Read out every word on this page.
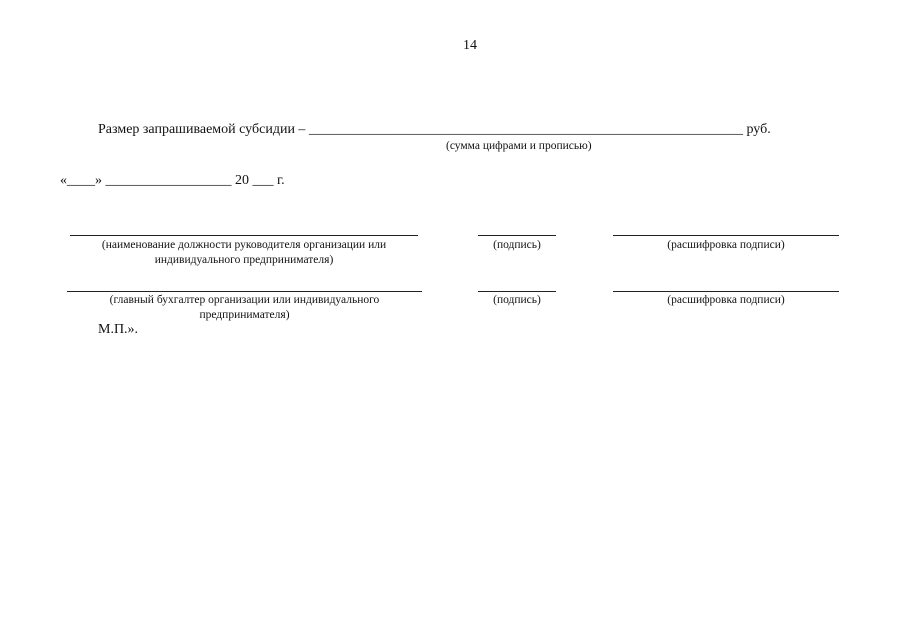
14
Размер запрашиваемой субсидии – ______________________________________________________________ руб.
(сумма цифрами и прописью)
«____» __________________ 20 ___ г.
(наименование должности руководителя организации или
индивидуального предпринимателя)
(подпись)	(расшифровка подписи)
(главный бухгалтер организации или индивидуального
предпринимателя)
(подпись)	(расшифровка подписи)
М.П.».
